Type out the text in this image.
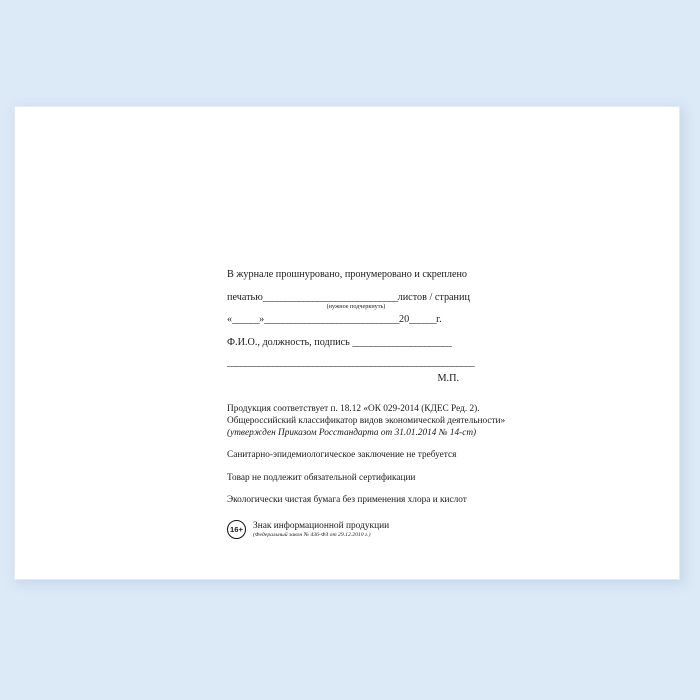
В журнале прошнуровано, пронумеровано и скреплено
печатью______________________________листов / страниц
(нужное подчеркнуть)
«______»______________________________20______г.
Ф.И.О., должность, подпись ______________________
_______________________________________________________
М.П.
Продукция соответствует п. 18.12 «ОК 029-2014 (КДЕС Ред. 2).
Общероссийский классификатор видов экономической деятельности»
(утвержден Приказом Росстандарта от 31.01.2014 № 14-ст)
Санитарно-эпидемиологическое заключение не требуется
Товар не подлежит обязательной сертификации
Экологически чистая бумага без применения хлора и кислот
16+	Знак информационной продукции
(Федеральный закон № 436-ФЗ от 29.12.2010 г.)
